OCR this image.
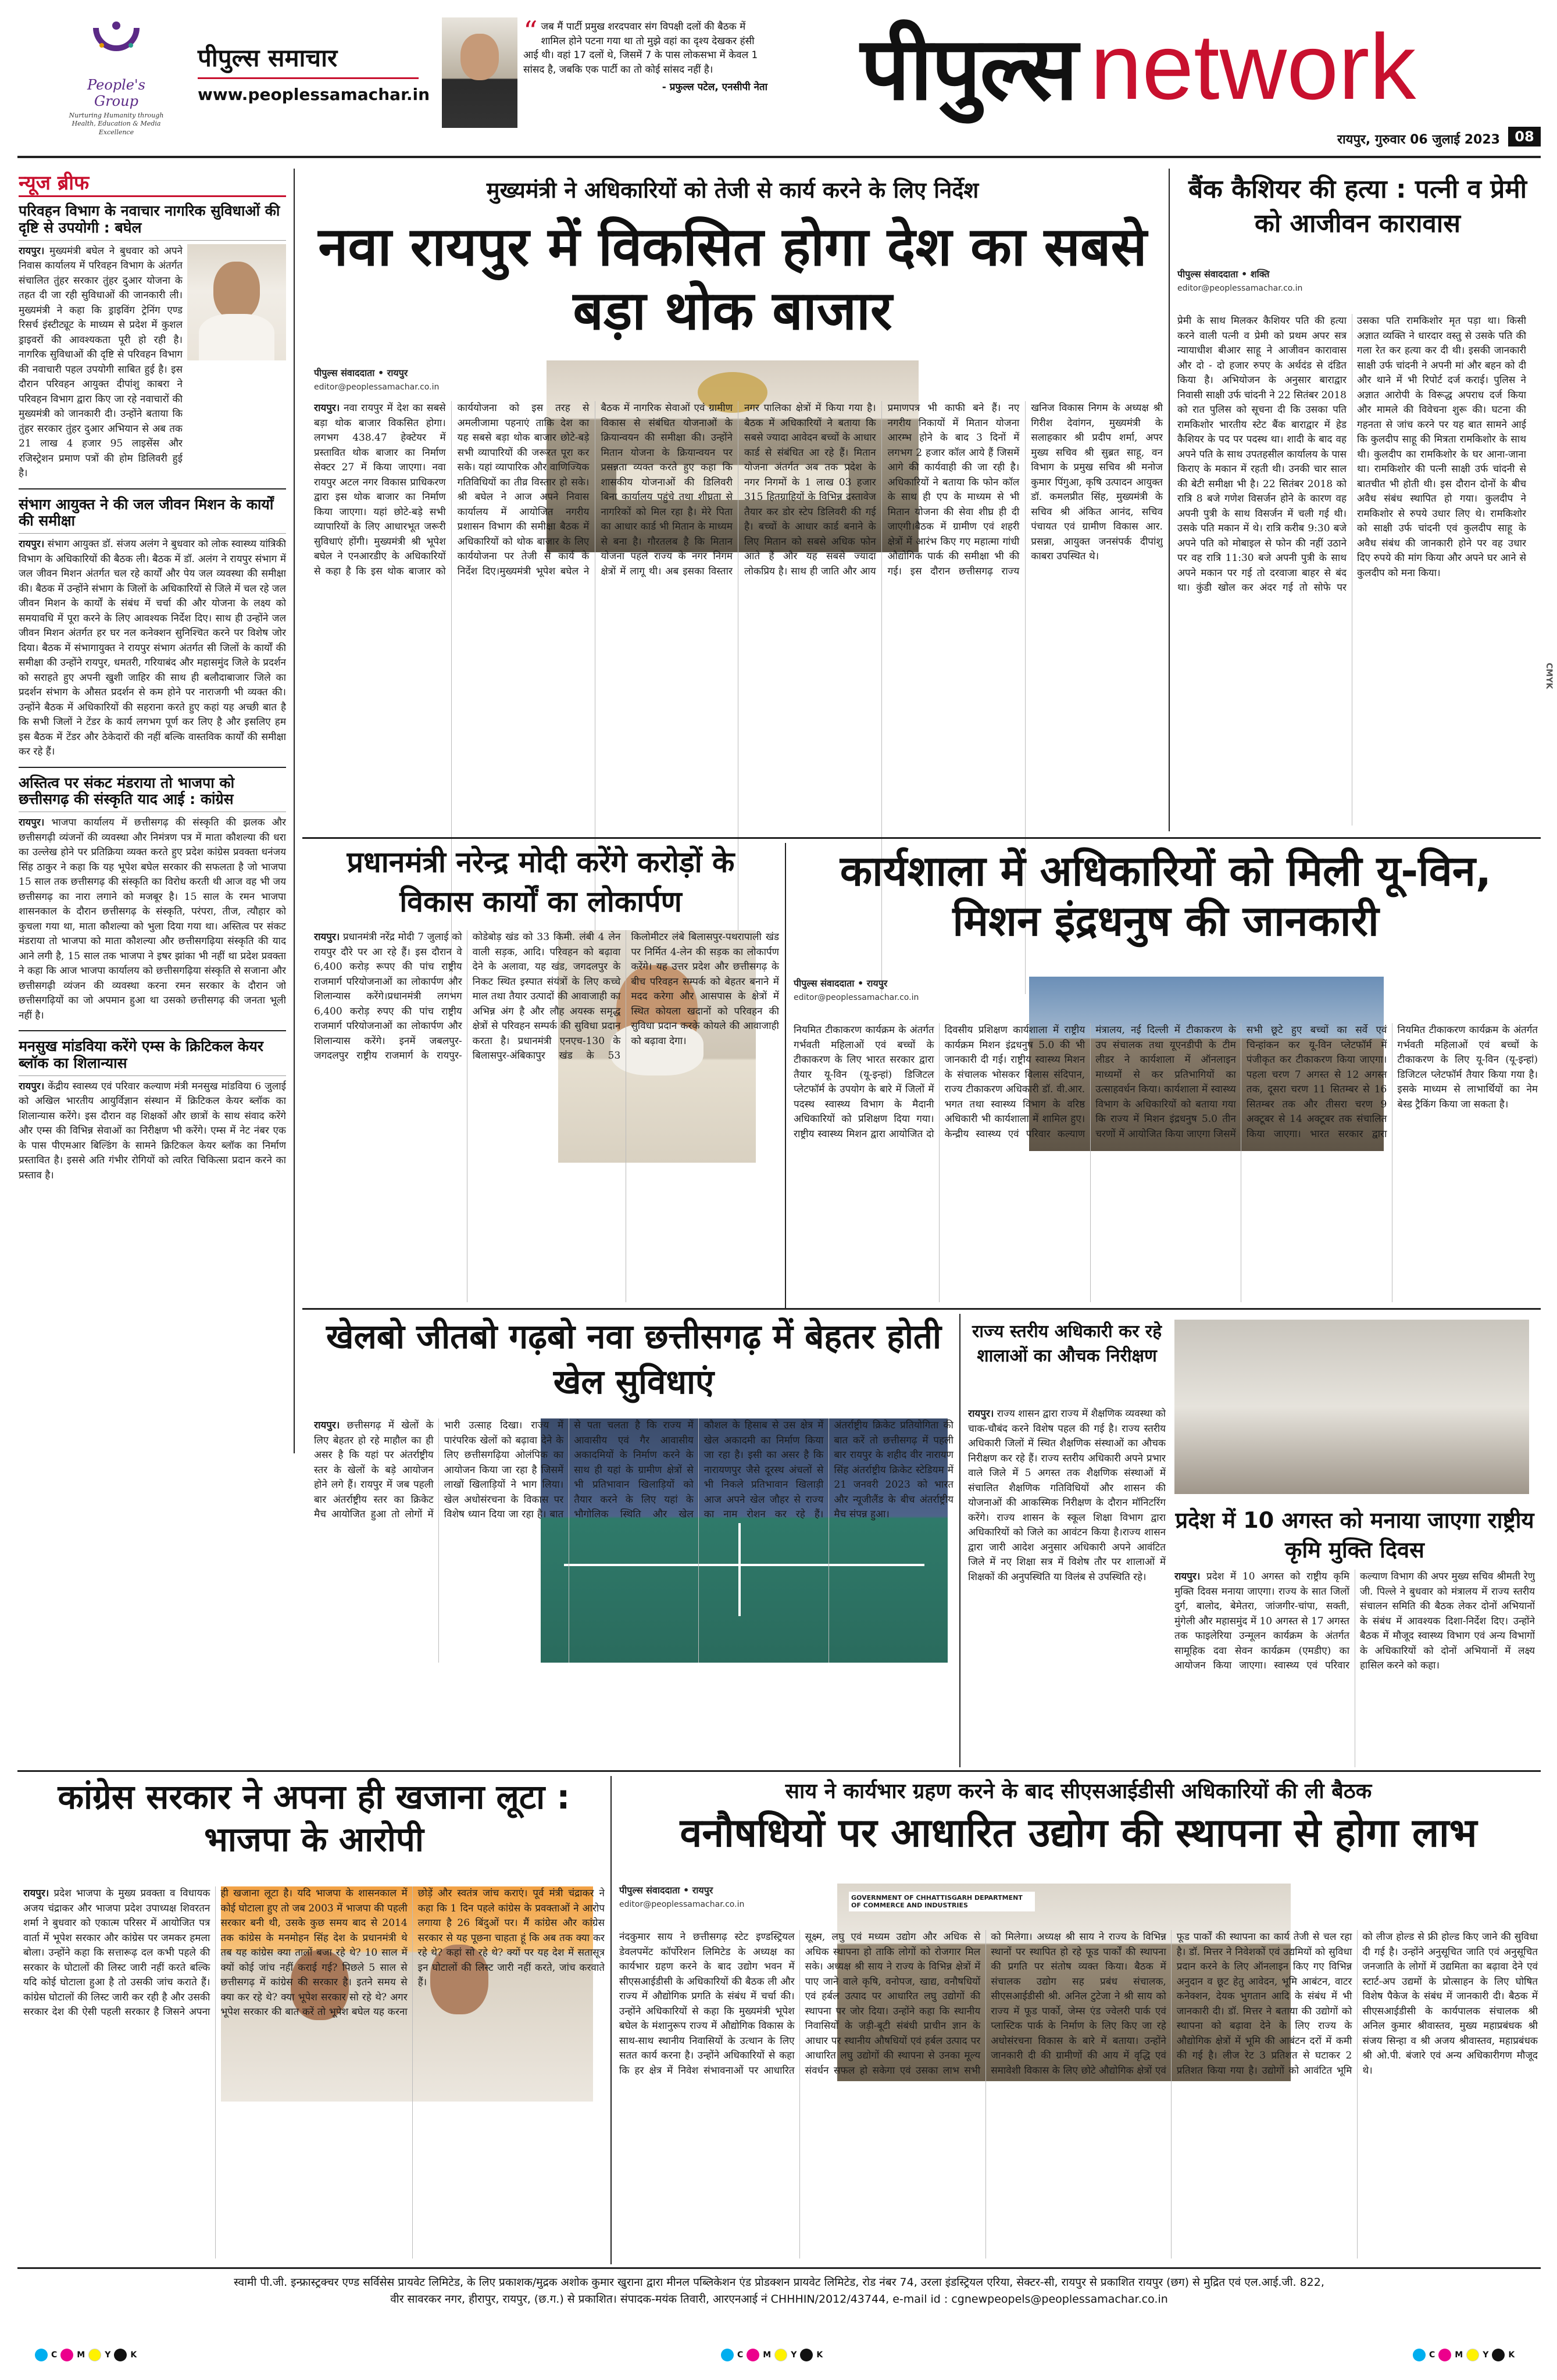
People's Group
Nurturing Humanity through Health, Education & Media Excellence
पीपुल्स समाचार
www.peoplessamachar.in
“ जब मैं पार्टी प्रमुख शरदपवार संग विपक्षी दलों की बैठक में शामिल होने पटना गया था तो मुझे वहां का दृश्य देखकर हंसी आई थी। वहां 17 दलों थे, जिसमें 7 के पास लोकसभा में केवल 1 सांसद है, जबकि एक पार्टी का तो कोई सांसद नहीं है।
- प्रफुल्ल पटेल, एनसीपी नेता पीपुल्स network
रायपुर, गुरुवार 06 जुलाई 2023	08
न्यूज ब्रीफ
परिवहन विभाग के नवाचार नागरिक सुविधाओं की दृष्टि से उपयोगी : बघेल

रायपुर। मुख्यमंत्री बघेल ने बुधवार को अपने निवास कार्यालय में परिवहन विभाग के अंतर्गत संचालित तुंहर सरकार तुंहर दुआर योजना के तहत दी जा रही सुविधाओं की जानकारी ली। मुख्यमंत्री ने कहा कि ड्राइविंग ट्रेनिंग एण्ड रिसर्च इंस्टीट्यूट के माध्यम से प्रदेश में कुशल ड्राइवरों की आवश्यकता पूरी हो रही है। नागरिक सुविधाओं की दृष्टि से परिवहन विभाग की नवाचारी पहल उपयोगी साबित हुई है। इस दौरान परिवहन आयुक्त दीपांशु काबरा ने परिवहन विभाग द्वारा किए जा रहे नवाचारों की मुख्यमंत्री को जानकारी दी। उन्होंने बताया कि तुंहर सरकार तुंहर दुआर अभियान से अब तक 21 लाख 4 हजार 95 लाइसेंस और रजिस्ट्रेशन प्रमाण पत्रों की होम डिलिवरी हुई है।

संभाग आयुक्त ने की जल जीवन मिशन के कार्यों की समीक्षा

रायपुर। संभाग आयुक्त डॉ. संजय अलंग ने बुधवार को लोक स्वास्थ्य यांत्रिकी विभाग के अधिकारियों की बैठक ली। बैठक में डॉ. अलंग ने रायपुर संभाग में जल जीवन मिशन अंतर्गत चल रहे कार्यों और पेय जल व्यवस्था की समीक्षा की। बैठक में उन्होंने संभाग के जिलों के अधिकारियों से जिले में चल रहे जल जीवन मिशन के कार्यों के संबंध में चर्चा की और योजना के लक्ष्य को समयावधि में पूरा करने के लिए आवश्यक निर्देश दिए। साथ ही उन्होंने जल जीवन मिशन अंतर्गत हर घर नल कनेक्शन सुनिश्चित करने पर विशेष जोर दिया। बैठक में संभागायुक्त ने रायपुर संभाग अंतर्गत सी जिलों के कार्यों की समीक्षा की उन्होंने रायपुर, धमतरी, गरियाबंद और महासमुंद जिले के प्रदर्शन को सराहते हुए अपनी खुशी जाहिर की साथ ही बलौदाबाजार जिले का प्रदर्शन संभाग के औसत प्रदर्शन से कम होने पर नाराजगी भी व्यक्त की। उन्होंने बैठक में अधिकारियों की सहराना करते हुए कहां यह अच्छी बात है कि सभी जिलों ने टेंडर के कार्य लगभग पूर्ण कर लिए है और इसलिए हम इस बैठक में टेंडर और ठेकेदारों की नहीं बल्कि वास्तविक कार्यों की समीक्षा कर रहे हैं।

अस्तित्व पर संकट मंडराया तो भाजपा को छत्तीसगढ़ की संस्कृति याद आई : कांग्रेस

रायपुर। भाजपा कार्यालय में छत्तीसगढ़ की संस्कृति की झलक और छत्तीसगढ़ी व्यंजनों की व्यवस्था और निमंत्रण पत्र में माता कौशल्या की धरा का उल्लेख होने पर प्रतिक्रिया व्यक्त करते हुए प्रदेश कांग्रेस प्रवक्ता धनंजय सिंह ठाकुर ने कहा कि यह भूपेश बघेल सरकार की सफलता है जो भाजपा 15 साल तक छत्तीसगढ़ की संस्कृति का विरोध करती थी आज वह भी जय छत्तीसगढ़ का नारा लगाने को मजबूर है। 15 साल के रमन भाजपा शासनकाल के दौरान छत्तीसगढ़ के संस्कृति, परंपरा, तीज, त्यौहार को कुचला गया था, माता कौशल्या को भुला दिया गया था। अस्तित्व पर संकट मंडराया तो भाजपा को माता कौशल्या और छत्तीसगढ़िया संस्कृति की याद आने लगी है, 15 साल तक भाजपा ने इषर झांका भी नहीं था प्रदेश प्रवक्ता ने कहा कि आज भाजपा कार्यालय को छत्तीसगढ़िया संस्कृति से सजाना और छत्तीसगढ़ी व्यंजन की व्यवस्था करना रमन सरकार के दौरान जो छत्तीसगढ़ियों का जो अपमान हुआ था उसको छत्तीसगढ़ की जनता भूली नहीं है।

मनसुख मांडविया करेंगे एम्स के क्रिटिकल केयर ब्लॉक का शिलान्यास

रायपुर। केंद्रीय स्वास्थ्य एवं परिवार कल्याण मंत्री मनसुख मांडविया 6 जुलाई को अखिल भारतीय आयुर्विज्ञान संस्थान में क्रिटिकल केयर ब्लॉक का शिलान्यास करेंगे। इस दौरान वह शिक्षकों और छात्रों के साथ संवाद करेंगे और एम्स की विभिन्न सेवाओं का निरीक्षण भी करेंगे। एम्स में नेट नंबर एक के पास पीएमआर बिल्डिंग के सामने क्रिटिकल केयर ब्लॉक का निर्माण प्रस्तावित है। इससे अति गंभीर रोगियों को त्वरित चिकित्सा प्रदान करने का प्रस्ताव है।

मुख्यमंत्री ने अधिकारियों को तेजी से कार्य करने के लिए निर्देश
नवा रायपुर में विकसित होगा देश का सबसे बड़ा थोक बाजार
पीपुल्स संवाददाता • रायपुर
editor@peoplessamachar.co.in
रायपुर। नवा रायपुर में देश का सबसे बड़ा थोक बाजार विकसित होगा। लगभग 438.47 हेक्टेयर में प्रस्तावित थोक बाजार का निर्माण सेक्टर 27 में किया जाएगा। नवा रायपुर अटल नगर विकास प्राधिकरण द्वारा इस थोक बाजार का निर्माण किया जाएगा। यहां छोटे-बड़े सभी व्यापारियों के लिए आधारभूत जरूरी सुविधाएं होंगी। मुख्यमंत्री श्री भूपेश बघेल ने एनआरडीए के अधिकारियों से कहा है कि इस थोक बाजार को कार्ययोजना को इस तरह से अमलीजामा पहनाएं ताकि देश का यह सबसे बड़ा थोक बाजार छोटे-बड़े सभी व्यापारियों की जरूरत पूरा कर सके। यहां व्यापारिक और वाणिज्यिक गतिविधियों का तीव्र विस्तार हो सके। श्री बघेल ने आज अपने निवास कार्यालय में आयोजित नगरीय प्रशासन विभाग की समीक्षा बैठक में अधिकारियों को थोक बाजार के लिए कार्ययोजना पर तेजी से कार्य के निर्देश दिए।मुख्यमंत्री भूपेश बघेल ने बैठक में नागरिक सेवाओं एवं ग्रामीण विकास से संबंधित योजनाओं के क्रियान्वयन की समीक्षा की। उन्होंने मितान योजना के क्रियान्वयन पर प्रसन्नता व्यक्त करते हुए कहा कि शासकीय योजनाओं की डिलिवरी बिना कार्यालय पहुंचे तथा शीघ्रता से नागरिकों को मिल रहा है। मेरे पिता का आधार कार्ड भी मितान के माध्यम से बना है। गौरतलब है कि मितान योजना पहले राज्य के नगर निगम क्षेत्रों में लागू थी। अब इसका विस्तार नगर पालिका क्षेत्रों में किया गया है। बैठक में अधिकारियों ने बताया कि सबसे ज्यादा आवेदन बच्चों के आधार कार्ड से संबंधित आ रहे हैं। मितान योजना अंतर्गत अब तक प्रदेश के नगर निगमों के 1 लाख 03 हजार 315 हितग्राहियों के विभिन्न दस्तावेज तैयार कर डोर स्टेप डिलिवरी की गई है। बच्चों के आधार कार्ड बनाने के लिए मितान को सबसे अधिक फोन आते हैं और यह सबसे ज्यादा लोकप्रिय है। साथ ही जाति और आय प्रमाणपत्र भी काफी बने हैं। नए नगरीय निकायों में मितान योजना आरम्भ होने के बाद 3 दिनों में लगभग 2 हजार कॉल आये हैं जिसमें आगे की कार्यवाही की जा रही है। अधिकारियों ने बताया कि फोन कॉल के साथ ही एप के माध्यम से भी मितान योजना की सेवा शीघ्र ही दी जाएगी।बैठक में ग्रामीण एवं शहरी क्षेत्रों में आरंभ किए गए महात्मा गांधी औद्योगिक पार्क की समीक्षा भी की गई। इस दौरान छत्तीसगढ़ राज्य खनिज विकास निगम के अध्यक्ष श्री गिरीश देवांगन, मुख्यमंत्री के सलाहकार श्री प्रदीप शर्मा, अपर मुख्य सचिव श्री सुब्रत साहू, वन विभाग के प्रमुख सचिव श्री मनोज कुमार पिंगुआ, कृषि उत्पादन आयुक्त डॉ. कमलप्रीत सिंह, मुख्यमंत्री के सचिव श्री अंकित आनंद, सचिव पंचायत एवं ग्रामीण विकास आर. प्रसन्ना, आयुक्त जनसंपर्क दीपांशु काबरा उपस्थित थे।
बैंक कैशियर की हत्या : पत्नी व प्रेमी को आजीवन कारावास
पीपुल्स संवाददाता • शक्ति
editor@peoplessamachar.co.in
प्रेमी के साथ मिलकर कैशियर पति की हत्या करने वाली पत्नी व प्रेमी को प्रथम अपर सत्र न्यायाधीश बीआर साहू ने आजीवन कारावास और दो - दो हजार रुपए के अर्थदंड से दंडित किया है। अभियोजन के अनुसार बाराद्वार निवासी साक्षी उर्फ चांदनी ने 22 सितंबर 2018 को रात पुलिस को सूचना दी कि उसका पति रामकिशोर भारतीय स्टेट बैंक बाराद्वार में हेड कैशियर के पद पर पदस्थ था। शादी के बाद वह अपने पति के साथ उपतहसील कार्यालय के पास किराए के मकान में रहती थी। उनकी चार साल की बेटी समीक्षा भी है। 22 सितंबर 2018 को रात्रि 8 बजे गणेश विसर्जन होने के कारण वह अपनी पुत्री के साथ विसर्जन में चली गई थी। उसके पति मकान में थे। रात्रि करीब 9:30 बजे अपने पति को मोबाइल से फोन की नहीं उठाने पर वह रात्रि 11:30 बजे अपनी पुत्री के साथ अपने मकान पर गई तो दरवाजा बाहर से बंद था। कुंडी खोल कर अंदर गई तो सोफे पर उसका पति रामकिशोर मृत पड़ा था। किसी अज्ञात व्यक्ति ने धारदार वस्तु से उसके पति की गला रेत कर हत्या कर दी थी। इसकी जानकारी साक्षी उर्फ चांदनी ने अपनी मां और बहन को दी और थाने में भी रिपोर्ट दर्ज कराई। पुलिस ने अज्ञात आरोपी के विरूद्ध अपराध दर्ज किया और मामले की विवेचना शुरू की। घटना की गहनता से जांच करने पर यह बात सामने आई कि कुलदीप साहू की मित्रता रामकिशोर के साथ थी। कुलदीप का रामकिशोर के घर आना-जाना था। रामकिशोर की पत्नी साक्षी उर्फ चांदनी से बातचीत भी होती थी। इस दौरान दोनों के बीच अवैध संबंध स्थापित हो गया। कुलदीप ने रामकिशोर से रुपये उधार लिए थे। रामकिशोर को साक्षी उर्फ चांदनी एवं कुलदीप साहू के अवैध संबंध की जानकारी होने पर वह उधार दिए रुपये की मांग किया और अपने घर आने से कुलदीप को मना किया।
CMYK
प्रधानमंत्री नरेन्द्र मोदी करेंगे करोड़ों के विकास कार्यों का लोकार्पण
रायपुर। प्रधानमंत्री नरेंद्र मोदी 7 जुलाई को रायपुर दौरे पर आ रहे हैं। इस दौरान वे 6,400 करोड़ रूपए की पांच राष्ट्रीय राजमार्ग परियोजनाओं का लोकार्पण और शिलान्यास करेंगे।प्रधानमंत्री लगभग 6,400 करोड़ रुपए की पांच राष्ट्रीय राजमार्ग परियोजनाओं का लोकार्पण और शिलान्यास करेंगे। इनमें जबलपुर-जगदलपुर राष्ट्रीय राजमार्ग के रायपुर-कोडेबोड़ खंड को 33 किमी. लंबी 4 लेन वाली सड़क, आदि। परिवहन को बढ़ावा देने के अलावा, यह खंड, जगदलपुर के निकट स्थित इस्पात संयंत्रों के लिए कच्चे माल तथा तैयार उत्पादों की आवाजाही का अभिन्न अंग है और लौह अयस्क समृद्ध क्षेत्रों से परिवहन सम्पर्क की सुविधा प्रदान करता है। प्रधानमंत्री एनएच-130 के बिलासपुर-अंबिकापुर खंड के 53 किलोमीटर लंबे बिलासपुर-पथरापाली खंड पर निर्मित 4-लेन की सड़क का लोकार्पण करेंगे। यह उत्तर प्रदेश और छत्तीसगढ़ के बीच परिवहन सम्पर्क को बेहतर बनाने में मदद करेगा और आसपास के क्षेत्रों में स्थित कोयला खदानों को परिवहन की सुविधा प्रदान करके कोयले की आवाजाही को बढ़ावा देगा।
कार्यशाला में अधिकारियों को मिली यू-विन, मिशन इंद्रधनुष की जानकारी
पीपुल्स संवाददाता • रायपुर
editor@peoplessamachar.co.in
नियमित टीकाकरण कार्यक्रम के अंतर्गत गर्भवती महिलाओं एवं बच्चों के टीकाकरण के लिए भारत सरकार द्वारा तैयार यू-विन (यू-इन्हां) डिजिटल प्लेटफॉर्म के उपयोग के बारे में जिलों में पदस्थ स्वास्थ्य विभाग के मैदानी अधिकारियों को प्रशिक्षण दिया गया। राष्ट्रीय स्वास्थ्य मिशन द्वारा आयोजित दो दिवसीय प्रशिक्षण कार्यशाला में राष्ट्रीय कार्यक्रम मिशन इंद्रधनुष 5.0 की भी जानकारी दी गई। राष्ट्रीय स्वास्थ्य मिशन के संचालक भोसकर विलास संदिपान, राज्य टीकाकरण अधिकारी डॉ. वी.आर. भगत तथा स्वास्थ्य विभाग के वरिष्ठ अधिकारी भी कार्यशाला में शामिल हुए। केन्द्रीय स्वास्थ्य एवं परिवार कल्याण मंत्रालय, नई दिल्ली में टीकाकरण के उप संचालक तथा यूएनडीपी के टीम लीडर ने कार्यशाला में ऑनलाइन माध्यमों से कर प्रतिभागियों का उत्साहवर्धन किया। कार्यशाला में स्वास्थ्य विभाग के अधिकारियों को बताया गया कि राज्य में मिशन इंद्रधनुष 5.0 तीन चरणों में आयोजित किया जाएगा जिसमें सभी छूटे हुए बच्चों का सर्वे एवं चिन्हांकन कर यू-विन प्लेटफॉर्म में पंजीकृत कर टीकाकरण किया जाएगा। पहला चरण 7 अगस्त से 12 अगस्त तक, दूसरा चरण 11 सितम्बर से 16 सितम्बर तक और तीसरा चरण 9 अक्टूबर से 14 अक्टूबर तक संचालित किया जाएगा। भारत सरकार द्वारा नियमित टीकाकरण कार्यक्रम के अंतर्गत गर्भवती महिलाओं एवं बच्चों के टीकाकरण के लिए यू-विन (यू-इन्हां) डिजिटल प्लेटफॉर्म तैयार किया गया है। इसके माध्यम से लाभार्थियों का नेम बेस्ड ट्रैकिंग किया जा सकता है।
खेलबो जीतबो गढ़बो नवा छत्तीसगढ़ में बेहतर होती खेल सुविधाएं
रायपुर। छत्तीसगढ़ में खेलों के लिए बेहतर हो रहे माहौल का ही असर है कि यहां पर अंतर्राष्ट्रीय स्तर के खेलों के बड़े आयोजन होने लगे हैं। रायपुर में जब पहली बार अंतर्राष्ट्रीय स्तर का क्रिकेट मैच आयोजित हुआ तो लोगों में भारी उत्साह दिखा। राज्य में पारंपरिक खेलों को बढ़ावा देने के लिए छत्तीसगढ़िया ओलंपिक का आयोजन किया जा रहा है जिसमें लाखों खिलाड़ियों ने भाग लिया। खेल अधोसंरचना के विकास पर विशेष ध्यान दिया जा रहा है। बात से पता चलता है कि राज्य में आवासीय एवं गैर आवासीय अकादमियों के निर्माण करने के साथ ही यहां के ग्रामीण क्षेत्रों से भी प्रतिभावान खिलाड़ियों को तैयार करने के लिए यहां के भौगोलिक स्थिति और खेल कौशल के हिसाब से उस क्षेत्र में खेल अकादमी का निर्माण किया जा रहा है। इसी का असर है कि नारायणपुर जैसे दूरस्थ अंचलों से भी निकले प्रतिभावान खिलाड़ी आज अपने खेल जौहर से राज्य का नाम रोशन कर रहे हैं।अंतर्राष्ट्रीय क्रिकेट प्रतियोगिता की बात करें तो छत्तीसगढ़ में पहली बार रायपुर के शहीद वीर नारायण सिंह अंतर्राष्ट्रीय क्रिकेट स्टेडियम में 21 जनवरी 2023 को भारत और न्यूजीलैंड के बीच अंतर्राष्ट्रीय मैच संपन्न हुआ।
राज्य स्तरीय अधिकारी कर रहे शालाओं का औचक निरीक्षण
रायपुर। राज्य शासन द्वारा राज्य में शैक्षणिक व्यवस्था को चाक-चौबंद करने विशेष पहल की गई है। राज्य स्तरीय अधिकारी जिलों में स्थित शैक्षणिक संस्थाओं का औचक निरीक्षण कर रहे हैं। राज्य स्तरीय अधिकारी अपने प्रभार वाले जिले में 5 अगस्त तक शैक्षणिक संस्थाओं में संचालित शैक्षणिक गतिविधियों और शासन की योजनाओं की आकस्मिक निरीक्षण के दौरान मॉनिटरिंग करेंगे। राज्य शासन के स्कूल शिक्षा विभाग द्वारा अधिकारियों को जिले का आवंटन किया है।राज्य शासन द्वारा जारी आदेश अनुसार अधिकारी अपने आवंटित जिले में नए शिक्षा सत्र में विशेष तौर पर शालाओं में शिक्षकों की अनुपस्थिति या विलंब से उपस्थिति रहे।
प्रदेश में 10 अगस्त को मनाया जाएगा राष्ट्रीय कृमि मुक्ति दिवस
रायपुर। प्रदेश में 10 अगस्त को राष्ट्रीय कृमि मुक्ति दिवस मनाया जाएगा। राज्य के सात जिलों दुर्ग, बालोद, बेमेतरा, जांजगीर-चांपा, सक्ती, मुंगेली और महासमुंद में 10 अगस्त से 17 अगस्त तक फाइलेरिया उन्मूलन कार्यक्रम के अंतर्गत सामूहिक दवा सेवन कार्यक्रम (एमडीए) का आयोजन किया जाएगा। स्वास्थ्य एवं परिवार कल्याण विभाग की अपर मुख्य सचिव श्रीमती रेणु जी. पिल्ले ने बुधवार को मंत्रालय में राज्य स्तरीय संचालन समिति की बैठक लेकर दोनों अभियानों के संबंध में आवश्यक दिशा-निर्देश दिए। उन्होंने बैठक में मौजूद स्वास्थ्य विभाग एवं अन्य विभागों के अधिकारियों को दोनों अभियानों में लक्ष्य हासिल करने को कहा।
कांग्रेस सरकार ने अपना ही खजाना लूटा : भाजपा के आरोपी
रायपुर। प्रदेश भाजपा के मुख्य प्रवक्ता व विधायक अजय चंद्राकर और भाजपा प्रदेश उपाध्यक्ष शिवरतन शर्मा ने बुधवार को एकात्म परिसर में आयोजित पत्र वार्ता में भूपेश सरकार और कांग्रेस पर जमकर हमला बोला। उन्होंने कहा कि सत्तारूढ़ दल कभी पहले की सरकार के घोटालों की लिस्ट जारी नहीं करते बल्कि यदि कोई घोटाला हुआ है तो उसकी जांच कराते हैं। कांग्रेस घोटालों की लिस्ट जारी कर रही है और उसकी सरकार देश की ऐसी पहली सरकार है जिसने अपना ही खजाना लूटा है। यदि भाजपा के शासनकाल में कोई घोटाला हुए तो जब 2003 में भाजपा की पहली सरकार बनी थी, उसके कुछ समय बाद से 2014 तक कांग्रेस के मनमोहन सिंह देश के प्रधानमंत्री थे तब यह कांग्रेस क्या तालों बजा रहे थे? 10 साल में क्यों कोई जांच नहीं कराई गई? पिछले 5 साल से छत्तीसगढ़ में कांग्रेस की सरकार है। इतने समय से क्या कर रहे थे? क्या भूपेश सरकार सो रहे थे? अगर भूपेश सरकार की बात करें तो भूपेश बघेल यह करना छोड़ें और स्वतंत्र जांच कराएं। पूर्व मंत्री चंद्राकर ने कहा कि 1 दिन पहले कांग्रेस के प्रवक्ताओं ने आरोप लगाया है 26 बिंदुओं पर। मैं कांग्रेस और कांग्रेस सरकार से यह पूछना चाहता हूं कि अब तक क्या कर रहे थे? कहां सो रहे थे? क्यों पर यह देश में सतासूत्र इन घोटालों की लिस्ट जारी नहीं करते, जांच करवाते हैं।
साय ने कार्यभार ग्रहण करने के बाद सीएसआईडीसी अधिकारियों की ली बैठक
वनौषधियों पर आधारित उद्योग की स्थापना से होगा लाभ
पीपुल्स संवाददाता • रायपुर
editor@peoplessamachar.co.in
GOVERNMENT OF CHHATTISGARH DEPARTMENT OF COMMERCE AND INDUSTRIES
नंदकुमार साय ने छत्तीसगढ़ स्टेट इण्डस्ट्रियल डेवलपमेंट कॉर्पोरेशन लिमिटेड के अध्यक्ष का कार्यभार ग्रहण करने के बाद उद्योग भवन में सीएसआईडीसी के अधिकारियों की बैठक ली और राज्य में औद्योगिक प्रगति के संबंध में चर्चा की। उन्होंने अधिकारियों से कहा कि मुख्यमंत्री भूपेश बघेल के मंशानुरूप राज्य में औद्योगिक विकास के साथ-साथ स्थानीय निवासियों के उत्थान के लिए सतत कार्य करना है। उन्होंने अधिकारियों से कहा कि हर क्षेत्र में निवेश संभावनाओं पर आधारित सूक्ष्म, लघु एवं मध्यम उद्योग और अधिक से अधिक स्थापना हो ताकि लोगों को रोजगार मिल सके। अध्यक्ष श्री साय ने राज्य के विभिन्न क्षेत्रों में पाए जाने वाले कृषि, वनोपज, खाद्य, वनौषधियों एवं हर्बल उत्पाद पर आधारित लघु उद्योगों की स्थापना पर जोर दिया। उन्होंने कहा कि स्थानीय निवासियों के जड़ी-बूटी संबंधी प्राचीन ज्ञान के आधार पर स्थानीय औषधियों एवं हर्बल उत्पाद पर आधारित लघु उद्योगों की स्थापना से उनका मूल्य संवर्धन सफल हो सकेगा एवं उसका लाभ सभी को मिलेगा। अध्यक्ष श्री साय ने राज्य के विभिन्न स्थानों पर स्थापित हो रहे फूड पार्कों की स्थापना की प्रगति पर संतोष व्यक्त किया। बैठक में संचालक उद्योग सह प्रबंध संचालक, सीएसआईडीसी श्री. अनिल टुटेजा ने श्री साय को राज्य में फूड पार्को, जेम्स एंड ज्वेलरी पार्क एवं प्लास्टिक पार्क के निर्माण के लिए किए जा रहे अधोसंरचना विकास के बारे में बताया। उन्होंने जानकारी दी की ग्रामीणों की आय में वृद्धि एवं समावेशी विकास के लिए छोटे औद्योगिक क्षेत्रों एवं फूड पार्कों की स्थापना का कार्य तेजी से चल रहा है। डॉ. मित्तर ने निवेशकों एवं उद्यमियों को सुविधा प्रदान करने के लिए ऑनलाइन किए गए विभिन्न अनुदान व छूट हेतु आवेदन, भूमि आबंटन, वाटर कनेक्शन, देयक भुगतान आदि के संबंध में भी जानकारी दी। डॉ. मित्तर ने बताया की उद्योगों को स्थापना को बढ़ावा देने के लिए राज्य के औद्योगिक क्षेत्रों में भूमि की आबंटन दरों में कमी की गई है। लीज रेट 3 प्रतिशत से घटाकर 2 प्रतिशत किया गया है। उद्योगों को आवंटित भूमि को लीज होल्ड से फ्री होल्ड किए जाने की सुविधा दी गई है। उन्होंने अनुसूचित जाति एवं अनुसूचित जनजाति के लोगों में उद्यमिता का बढ़ावा देने एवं स्टार्ट-अप उद्यमों के प्रोत्साहन के लिए घोषित विशेष पैकेज के संबंध में जानकारी दी। बैठक में सीएसआईडीसी के कार्यपालक संचालक श्री अनिल कुमार श्रीवास्तव, मुख्य महाप्रबंधक श्री संजय सिन्हा व श्री अजय श्रीवास्तव, महाप्रबंधक श्री ओ.पी. बंजारे एवं अन्य अधिकारीगण मौजूद थे।
स्वामी पी.जी. इन्फ्रास्ट्रक्चर एण्ड सर्विसेस प्रायवेट लिमिटेड, के लिए प्रकाशक/मुद्रक अशोक कुमार खुराना द्वारा मीनल पब्लिकेशन एंड प्रोडक्शन प्रायवेट लिमिटेड, रोड नंबर 74, उरला इंडस्ट्रियल एरिया, सेक्टर-सी, रायपुर से प्रकाशित रायपुर (छग) से मुद्रित एवं एल.आई.जी. 822,
वीर सावरकर नगर, हीरापुर, रायपुर, (छ.ग.) से प्रकाशित। संपादक-मयंक तिवारी, आरएनआई नं CHHHIN/2012/43744, e-mail id : cgnewpeopels@peoplessamachar.co.in
C M Y K	C M Y K	C M Y K
